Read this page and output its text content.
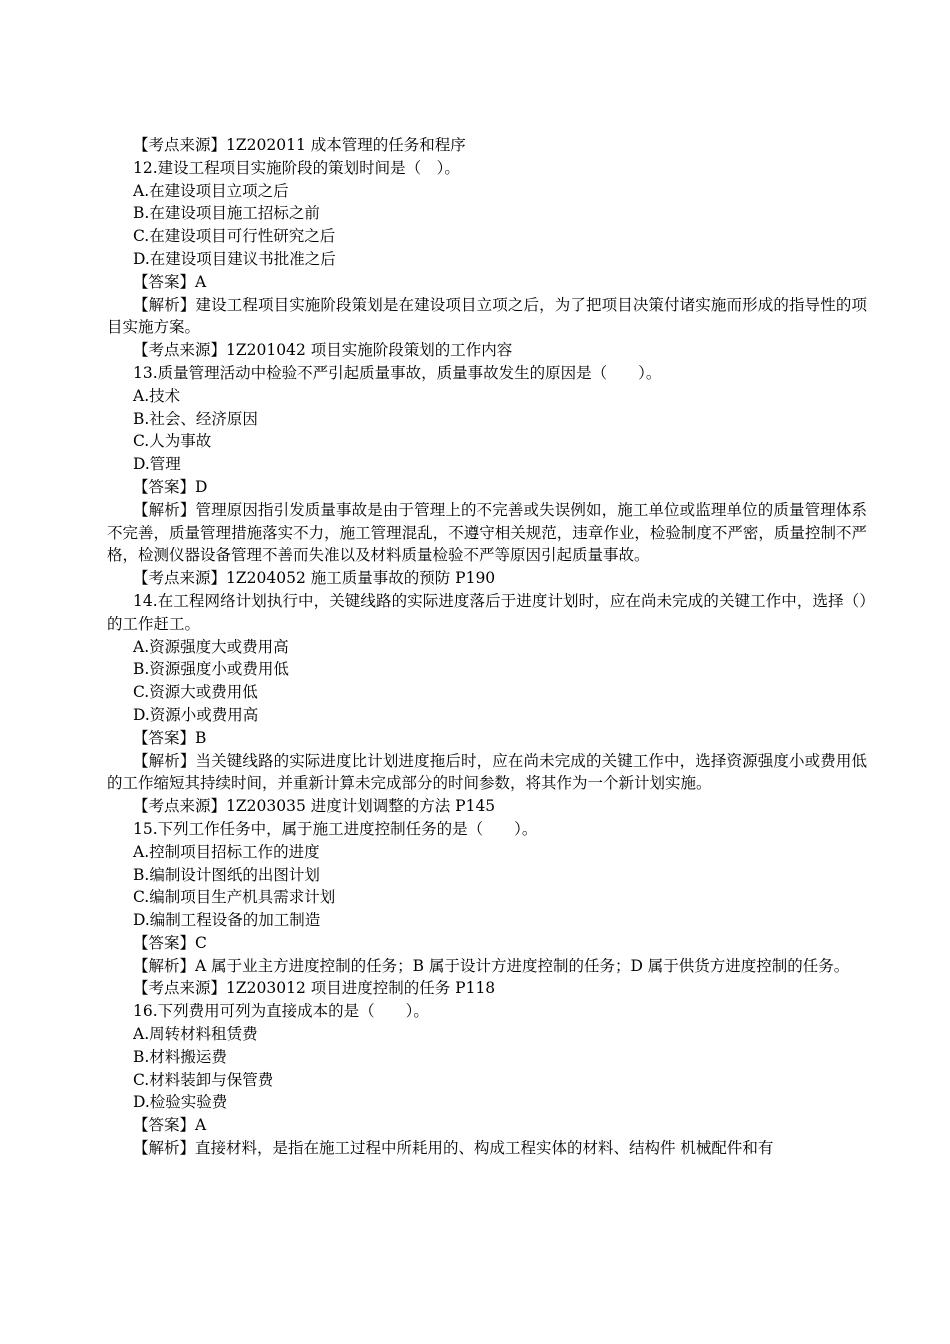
【考点来源】1Z202011 成本管理的任务和程序
12.建设工程项目实施阶段的策划时间是（　）。
A.在建设项目立项之后
B.在建设项目施工招标之前
C.在建设项目可行性研究之后
D.在建设项目建议书批准之后
【答案】A
【解析】建设工程项目实施阶段策划是在建设项目立项之后，为了把项目决策付诸实施而形成的指导性的项目实施方案。
【考点来源】1Z201042 项目实施阶段策划的工作内容
13.质量管理活动中检验不严引起质量事故，质量事故发生的原因是（　　）。
A.技术
B.社会、经济原因
C.人为事故
D.管理
【答案】D
【解析】管理原因指引发质量事故是由于管理上的不完善或失误例如，施工单位或监理单位的质量管理体系不完善，质量管理措施落实不力，施工管理混乱，不遵守相关规范，违章作业，检验制度不严密，质量控制不严格，检测仪器设备管理不善而失准以及材料质量检验不严等原因引起质量事故。
【考点来源】1Z204052 施工质量事故的预防 P190
14.在工程网络计划执行中，关键线路的实际进度落后于进度计划时，应在尚未完成的关键工作中，选择（）的工作赶工。
A.资源强度大或费用高
B.资源强度小或费用低
C.资源大或费用低
D.资源小或费用高
【答案】B
【解析】当关键线路的实际进度比计划进度拖后时，应在尚未完成的关键工作中，选择资源强度小或费用低的工作缩短其持续时间，并重新计算未完成部分的时间参数，将其作为一个新计划实施。
【考点来源】1Z203035 进度计划调整的方法 P145
15.下列工作任务中，属于施工进度控制任务的是（　　）。
A.控制项目招标工作的进度
B.编制设计图纸的出图计划
C.编制项目生产机具需求计划
D.编制工程设备的加工制造
【答案】C
【解析】A 属于业主方进度控制的任务；B 属于设计方进度控制的任务；D 属于供货方进度控制的任务。
【考点来源】1Z203012 项目进度控制的任务 P118
16.下列费用可列为直接成本的是（　　）。
A.周转材料租赁费
B.材料搬运费
C.材料装卸与保管费
D.检验实验费
【答案】A
【解析】直接材料，是指在施工过程中所耗用的、构成工程实体的材料、结构件 机械配件和有
